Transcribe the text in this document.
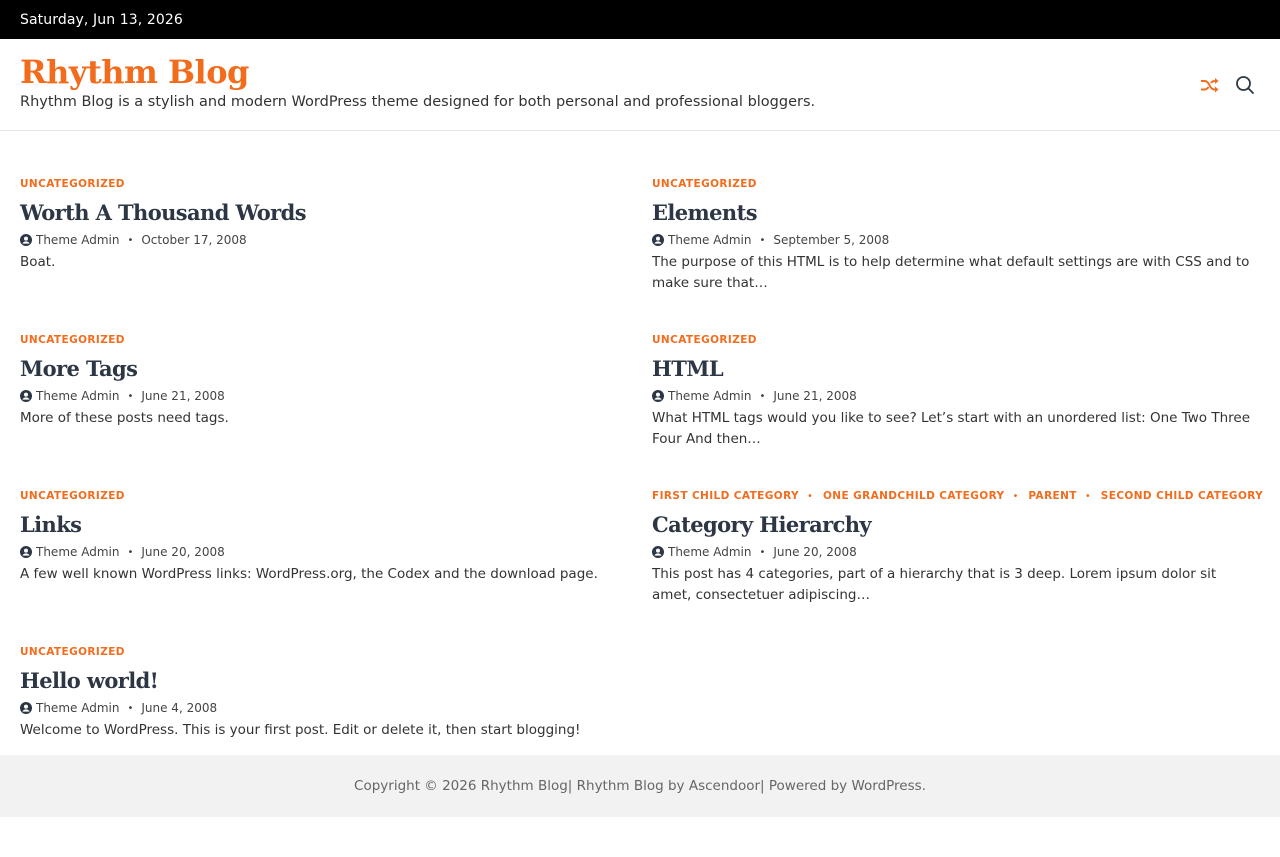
Saturday, Jun 13, 2026
Rhythm Blog
Rhythm Blog is a stylish and modern WordPress theme designed for both personal and professional bloggers.
UNCATEGORIZED
Worth A Thousand Words
Theme Admin • October 17, 2008

Boat.

UNCATEGORIZED
Elements
Theme Admin • September 5, 2008

The purpose of this HTML is to help determine what default settings are with CSS and to make sure that…

UNCATEGORIZED
More Tags
Theme Admin • June 21, 2008

More of these posts need tags.

UNCATEGORIZED
HTML
Theme Admin • June 21, 2008

What HTML tags would you like to see? Let’s start with an unordered list: One Two Three Four And then…

UNCATEGORIZED
Links
Theme Admin • June 20, 2008

A few well known WordPress links: WordPress.org, the Codex and the download page.

FIRST CHILD CATEGORY • ONE GRANDCHILD CATEGORY • PARENT • SECOND CHILD CATEGORY
Category Hierarchy
Theme Admin • June 20, 2008

This post has 4 categories, part of a hierarchy that is 3 deep. Lorem ipsum dolor sit amet, consectetuer adipiscing…

UNCATEGORIZED
Hello world!
Theme Admin • June 4, 2008

Welcome to WordPress. This is your first post. Edit or delete it, then start blogging!

Copyright © 2026
Rhythm Blog | Rhythm Blog by
Ascendoor | Powered by
WordPress .
